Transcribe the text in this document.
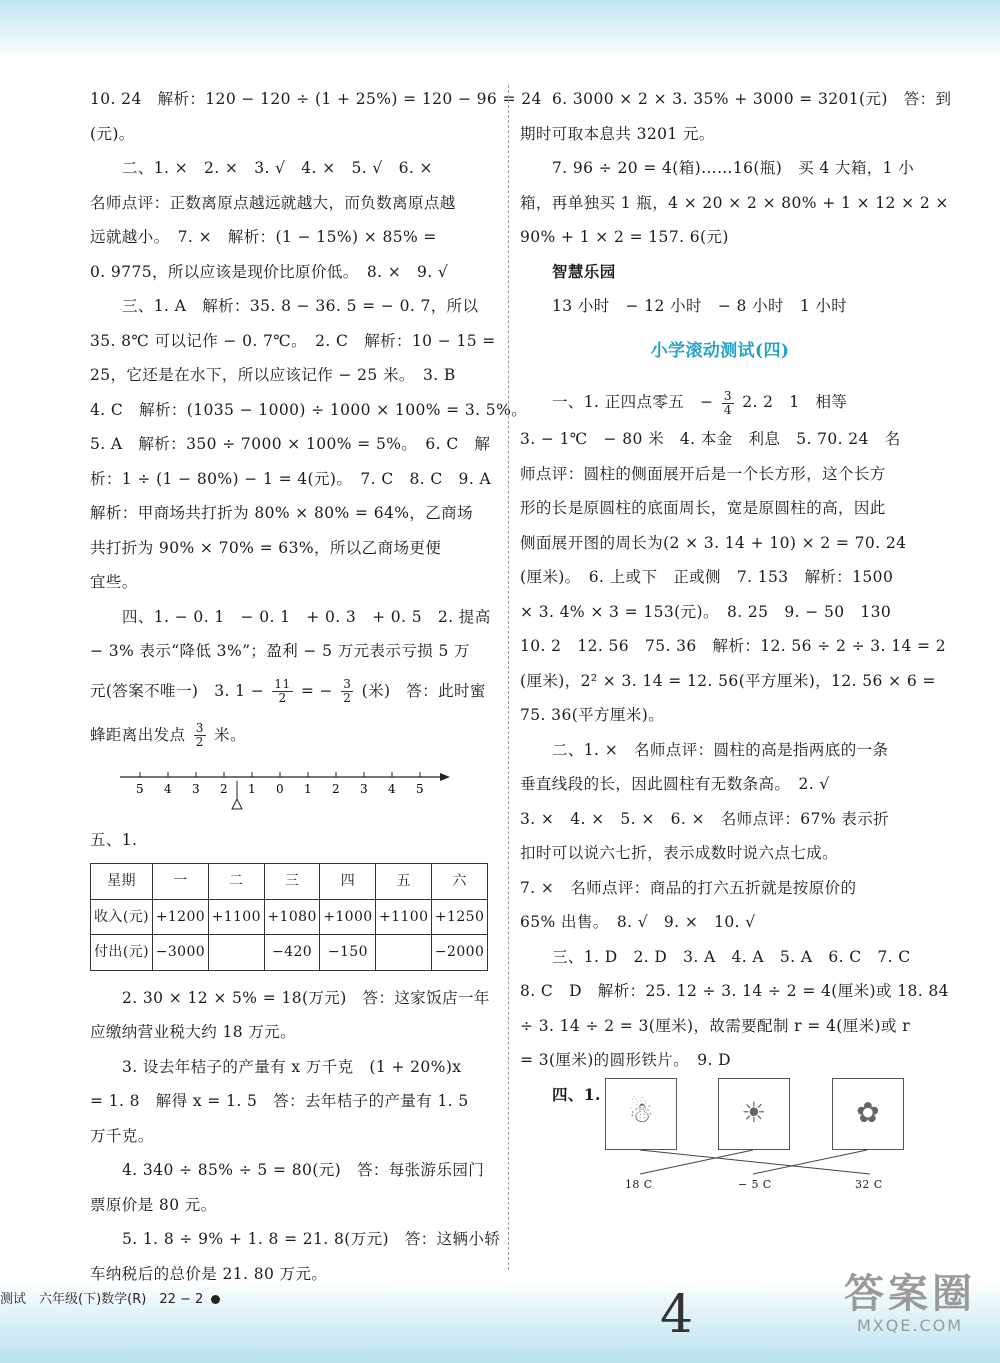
10. 24　解析：120 − 120 ÷ (1 + 25%) = 120 − 96 = 24

(元)。

二、1. ×　2. ×　3. √　4. ×　5. √　6. ×

名师点评：正数离原点越远就越大，而负数离原点越

远就越小。　7. ×　解析：(1 − 15%) × 85% =

0. 9775，所以应该是现价比原价低。　8. ×　9. √

三、1. A　解析：35. 8 − 36. 5 = − 0. 7，所以

35. 8℃ 可以记作 − 0. 7℃。　2. C　解析：10 − 15 =

25，它还是在水下，所以应该记作 − 25 米。　3. B

4. C　解析：(1035 − 1000) ÷ 1000 × 100% = 3. 5%。

5. A　解析：350 ÷ 7000 × 100% = 5%。　6. C　解

析：1 ÷ (1 − 80%) − 1 = 4(元)。　7. C　8. C　9. A

解析：甲商场共打折为 80% × 80% = 64%，乙商场

共打折为 90% × 70% = 63%，所以乙商场更便

宜些。

四、1. − 0. 1　− 0. 1　+ 0. 3　+ 0. 5　2. 提高

− 3% 表示“降低 3%”；盈利 − 5 万元表示亏损 5 万

元(答案不唯一)　3. $1 - \frac{11}{2}$ = − $\frac{3}{2}$ (米)　答：此时蜜

蜂距离出发点 $\frac{3}{2}$ 米。

5 4 3 2 1 0 1 2 3 4 5

五、1.

星期	一	二	三	四	五	六
收入(元)	+1200	+1100	+1080	+1000	+1100	+1250
付出(元)	−3000		−420	−150		−2000

2. 30 × 12 × 5% = 18(万元)　答：这家饭店一年

应缴纳营业税大约 18 万元。

3. 设去年桔子的产量有 x 万千克　(1 + 20%)x

= 1. 8　解得 x = 1. 5　答：去年桔子的产量有 1. 5

万千克。

4. 340 ÷ 85% ÷ 5 = 80(元)　答：每张游乐园门

票原价是 80 元。

5. 1. 8 ÷ 9% + 1. 8 = 21. 8(万元)　答：这辆小轿

车纳税后的总价是 21. 80 万元。

6. 3000 × 2 × 3. 35% + 3000 = 3201(元)　答：到

期时可取本息共 3201 元。

7. 96 ÷ 20 = 4(箱)……16(瓶)　买 4 大箱，1 小

箱，再单独买 1 瓶，4 × 20 × 2 × 80% + 1 × 12 × 2 ×

90% + 1 × 2 = 157. 6(元)

智慧乐园

13 小时　− 12 小时　− 8 小时　1 小时

小学滚动测试(四)

一、1. 正四点零五　− $\frac{3}{4} 2$. 2　1　相等

3. − 1℃　− 80 米　4. 本金　利息　5. 70. 24　名

师点评：圆柱的侧面展开后是一个长方形，这个长方

形的长是原圆柱的底面周长，宽是原圆柱的高，因此

侧面展开图的周长为(2 × 3. 14 + 10) × 2 = 70. 24

(厘米)。　6. 上或下　正或侧　7. 153　解析：1500

× 3. 4% × 3 = 153(元)。　8. 25　9. − 50　130

10. 2　12. 56　75. 36　解析：12. 56 ÷ 2 ÷ 3. 14 = 2

(厘米)，2² × 3. 14 = 12. 56(平方厘米)，12. 56 × 6 =

75. 36(平方厘米)。

二、1. ×　名师点评：圆柱的高是指两底的一条

垂直线段的长，因此圆柱有无数条高。　2. √

3. ×　4. ×　5. ×　6. ×　名师点评：67% 表示折

扣时可以说六七折，表示成数时说六点七成。

7. ×　名师点评：商品的打六五折就是按原价的

65% 出售。　8. √　9. ×　10. √

三、1. D　2. D　3. A　4. A　5. A　6. C　7. C

8. C　D　解析：25. 12 ÷ 3. 14 ÷ 2 = 4(厘米)或 18. 84

÷ 3. 14 ÷ 2 = 3(厘米)，故需要配制 r = 4(厘米)或 r

= 3(厘米)的圆形铁片。　9. D

四、1.
☃	☀	✿
18 C	− 5 C	32 C
测试　六年级(下)数学(R)　22 − 2	4	答案圈
MXQE.COM
